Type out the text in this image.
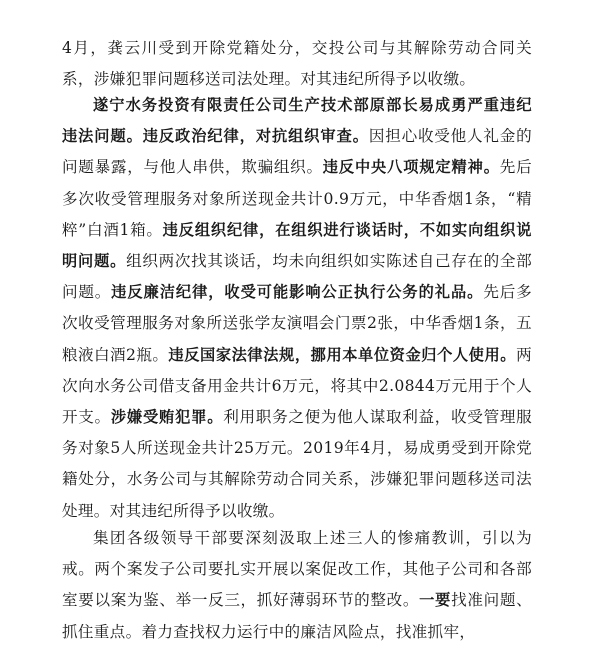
4月，龚云川受到开除党籍处分，交投公司与其解除劳动合同关系，涉嫌犯罪问题移送司法处理。对其违纪所得予以收缴。

遂宁水务投资有限责任公司生产技术部原部长易成勇严重违纪违法问题。违反政治纪律，对抗组织审查。因担心收受他人礼金的问题暴露，与他人串供，欺骗组织。违反中央八项规定精神。先后多次收受管理服务对象所送现金共计0.9万元，中华香烟1条，“精粹”白酒1箱。违反组织纪律，在组织进行谈话时，不如实向组织说明问题。组织两次找其谈话，均未向组织如实陈述自己存在的全部问题。违反廉洁纪律，收受可能影响公正执行公务的礼品。先后多次收受管理服务对象所送张学友演唱会门票2张，中华香烟1条，五粮液白酒2瓶。违反国家法律法规，挪用本单位资金归个人使用。两次向水务公司借支备用金共计6万元，将其中2.0844万元用于个人开支。涉嫌受贿犯罪。利用职务之便为他人谋取利益，收受管理服务对象5人所送现金共计25万元。2019年4月，易成勇受到开除党籍处分，水务公司与其解除劳动合同关系，涉嫌犯罪问题移送司法处理。对其违纪所得予以收缴。

集团各级领导干部要深刻汲取上述三人的惨痛教训，引以为戒。两个案发子公司要扎实开展以案促改工作，其他子公司和各部室要以案为鉴、举一反三，抓好薄弱环节的整改。一要找准问题、抓住重点。着力查找权力运行中的廉洁风险点，找准抓牢，
